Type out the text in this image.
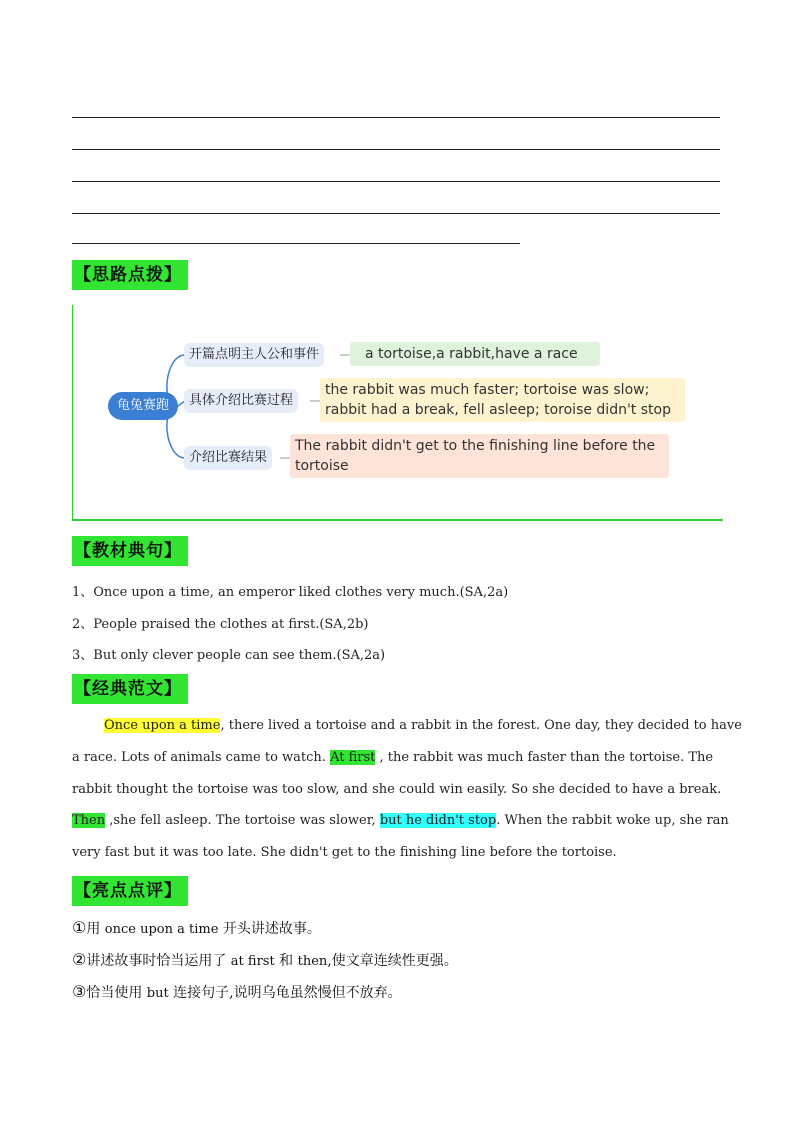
【思路点拨】
龟兔赛跑
开篇点明主人公和事件
具体介绍比赛过程
介绍比赛结果
a tortoise,a rabbit,have a race
the rabbit was much faster; tortoise was slow;
rabbit had a break, fell asleep; toroise didn't stop
The rabbit didn't get to the finishing line before the
tortoise
【教材典句】
1、Once upon a time, an emperor liked clothes very much.(SA,2a)
2、People praised the clothes at first.(SA,2b)
3、But only clever people can see them.(SA,2a)
【经典范文】
Once upon a time, there lived a tortoise and a rabbit in the forest. One day, they decided to have
a race. Lots of animals came to watch. At first , the rabbit was much faster than the tortoise. The
rabbit thought the tortoise was too slow, and she could win easily. So she decided to have a break.
Then ,she fell asleep. The tortoise was slower, but he didn't stop. When the rabbit woke up, she ran
very fast but it was too late. She didn't get to the finishing line before the tortoise.
【亮点点评】
①用 once upon a time 开头讲述故事。
②讲述故事时恰当运用了 at first 和 then,使文章连续性更强。
③恰当使用 but 连接句子,说明乌龟虽然慢但不放弃。
